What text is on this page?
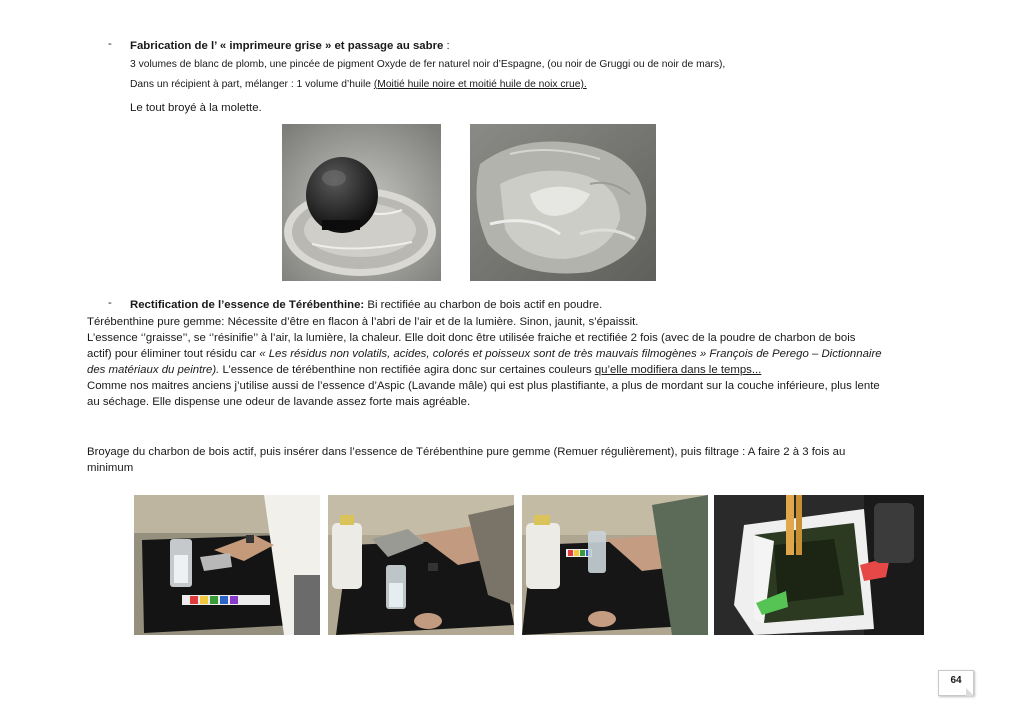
- Fabrication de l’ « imprimeure grise » et passage au sabre :
3 volumes de blanc de plomb, une pincée de pigment Oxyde de fer naturel noir d’Espagne, (ou noir de Gruggi ou de noir de mars),
Dans un récipient à part, mélanger : 1 volume d’huile (Moitié huile noire et moitié huile de noix crue).
Le tout broyé à la molette.
- Rectification de l’essence de Térébenthine: Bi rectifiée au charbon de bois actif en poudre.
Térébenthine pure gemme: Nécessite d’être en flacon à l’abri de l’air et de la lumière. Sinon, jaunit, s’épaissit.
L’essence ‘’graisse’’, se ‘’résinifie’’ à l’air, la lumière, la chaleur. Elle doit donc être utilisée fraiche et rectifiée 2 fois (avec de la poudre de charbon de bois
actif) pour éliminer tout résidu car « Les résidus non volatils, acides, colorés et poisseux sont de très mauvais filmogènes » François de Perego – Dictionnaire
des matériaux du peintre). L’essence de térébenthine non rectifiée agira donc sur certaines couleurs qu’elle modifiera dans le temps...
Comme nos maitres anciens j’utilise aussi de l’essence d’Aspic (Lavande mâle) qui est plus plastifiante, a plus de mordant sur la couche inférieure, plus lente
au séchage. Elle dispense une odeur de lavande assez forte mais agréable.
Broyage du charbon de bois actif, puis insérer dans l’essence de Térébenthine pure gemme (Remuer régulièrement), puis filtrage : A faire 2 à 3 fois au
minimum
64
